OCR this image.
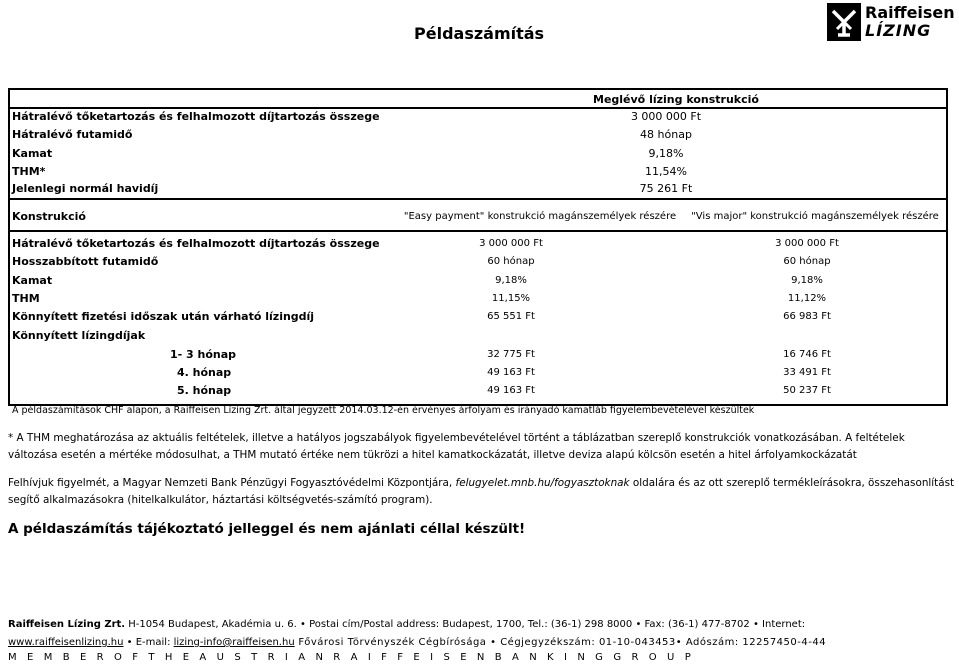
Példaszámítás
Raiffeisen
LÍZING
Meglévő lízing konstrukció
Hátralévő tőketartozás és felhalmozott díjtartozás összege	3 000 000 Ft
Hátralévő futamidő	48 hónap
Kamat	9,18%
THM*	11,54%
Jelenlegi normál havidíj	75 261 Ft
Konstrukció	"Easy payment" konstrukció magánszemélyek részére	"Vis major" konstrukció magánszemélyek részére
Hátralévő tőketartozás és felhalmozott díjtartozás összege	3 000 000 Ft	3 000 000 Ft
Hosszabbított futamidő	60 hónap	60 hónap
Kamat	9,18%	9,18%
THM	11,15%	11,12%
Könnyített fizetési időszak után várható lízingdíj	65 551 Ft	66 983 Ft
Könnyített lízingdíjak
1- 3 hónap	32 775 Ft	16 746 Ft
4. hónap	49 163 Ft	33 491 Ft
5. hónap	49 163 Ft	50 237 Ft
A példaszámítások CHF alapon, a Raiffeisen Lízing Zrt. által jegyzett 2014.03.12-én érvényes árfolyam és irányadó kamatláb figyelembevételével készültek
* A THM meghatározása az aktuális feltételek, illetve a hatályos jogszabályok figyelembevételével történt a táblázatban szereplő konstrukciók vonatkozásában. A feltételek
változása esetén a mértéke módosulhat, a THM mutató értéke nem tükrözi a hitel kamatkockázatát, illetve deviza alapú kölcsön esetén a hitel árfolyamkockázatát
Felhívjuk figyelmét, a Magyar Nemzeti Bank Pénzügyi Fogyasztóvédelmi Központjára, felugyelet.mnb.hu/fogyasztoknak oldalára és az ott szereplő termékleírásokra, összehasonlítást
segítő alkalmazásokra (hitelkalkulátor, háztartási költségvetés-számító program).
A példaszámítás tájékoztató jelleggel és nem ajánlati céllal készült!
Raiffeisen Lízing Zrt. H-1054 Budapest, Akadémia u. 6. • Postai cím/Postal address: Budapest, 1700, Tel.: (36-1) 298 8000 • Fax: (36-1) 477-8702 • Internet:
www.raiffeisenlizing.hu • E-mail: lizing-info@raiffeisen.hu Fővárosi Törvényszék Cégbírósága • Cégjegyzékszám: 01-10-043453• Adószám: 12257450-4-44
M E M B E R O F T H E A U S T R I A N R A I F F E I S E N B A N K I N G G R O U P
